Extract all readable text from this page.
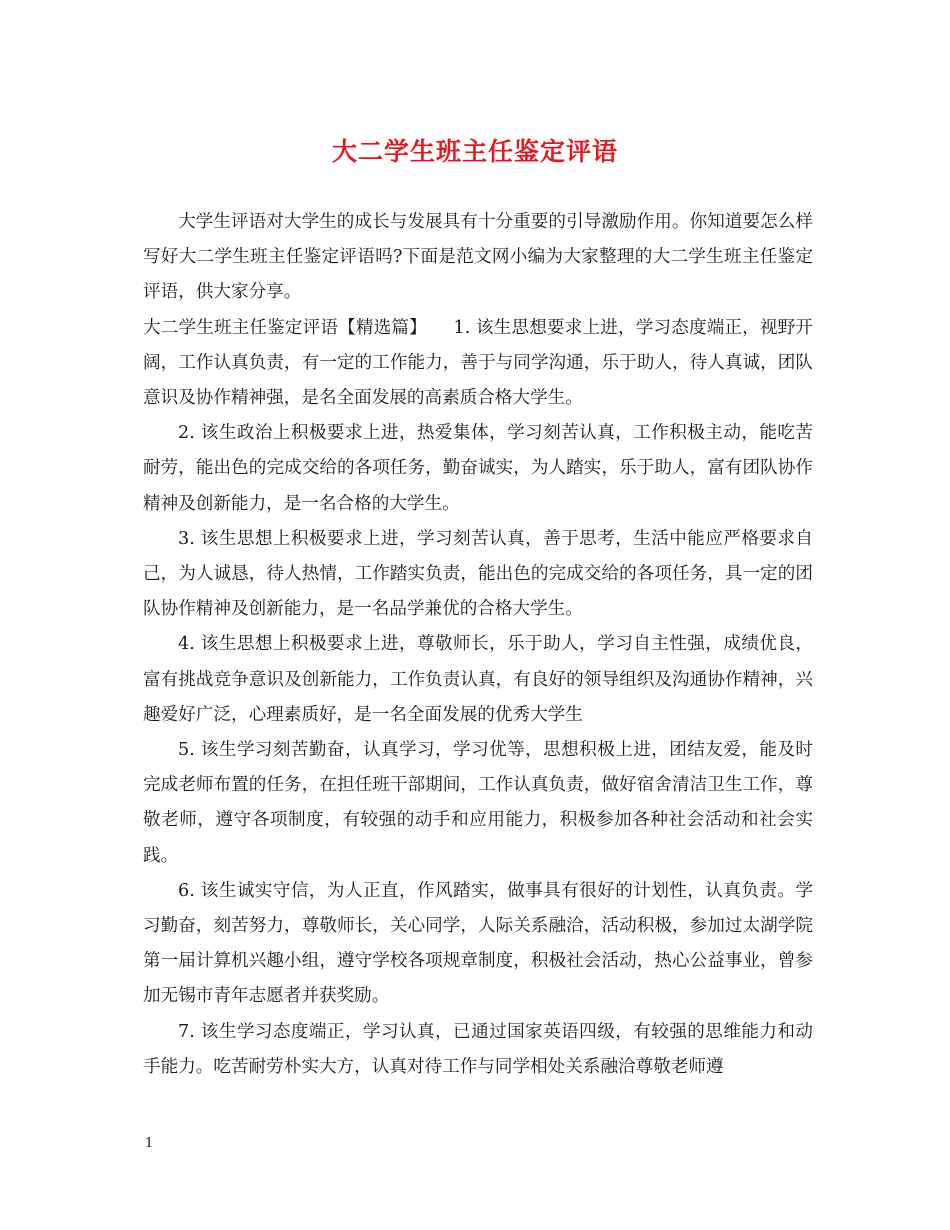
大二学生班主任鉴定评语

大学生评语对大学生的成长与发展具有十分重要的引导激励作用。你知道要怎么样写好大二学生班主任鉴定评语吗?下面是范文网小编为大家整理的大二学生班主任鉴定评语，供大家分享。

大二学生班主任鉴定评语【精选篇】　　1. 该生思想要求上进，学习态度端正，视野开阔，工作认真负责，有一定的工作能力，善于与同学沟通，乐于助人，待人真诚，团队意识及协作精神强，是名全面发展的高素质合格大学生。

2. 该生政治上积极要求上进，热爱集体，学习刻苦认真，工作积极主动，能吃苦耐劳，能出色的完成交给的各项任务，勤奋诚实，为人踏实，乐于助人，富有团队协作精神及创新能力，是一名合格的大学生。

3. 该生思想上积极要求上进，学习刻苦认真，善于思考，生活中能应严格要求自己，为人诚恳，待人热情，工作踏实负责，能出色的完成交给的各项任务，具一定的团队协作精神及创新能力，是一名品学兼优的合格大学生。

4. 该生思想上积极要求上进，尊敬师长，乐于助人，学习自主性强，成绩优良，富有挑战竞争意识及创新能力，工作负责认真，有良好的领导组织及沟通协作精神，兴趣爱好广泛，心理素质好，是一名全面发展的优秀大学生

5. 该生学习刻苦勤奋，认真学习，学习优等，思想积极上进，团结友爱，能及时完成老师布置的任务，在担任班干部期间，工作认真负责，做好宿舍清洁卫生工作，尊敬老师，遵守各项制度，有较强的动手和应用能力，积极参加各种社会活动和社会实践。

6. 该生诚实守信，为人正直，作风踏实，做事具有很好的计划性，认真负责。学习勤奋，刻苦努力，尊敬师长，关心同学，人际关系融洽，活动积极，参加过太湖学院 第一届计算机兴趣小组，遵守学校各项规章制度，积极社会活动，热心公益事业，曾参加无锡市青年志愿者并获奖励。

7. 该生学习态度端正，学习认真，已通过国家英语四级，有较强的思维能力和动手能力。吃苦耐劳朴实大方，认真对待工作与同学相处关系融洽尊敬老师遵

1
